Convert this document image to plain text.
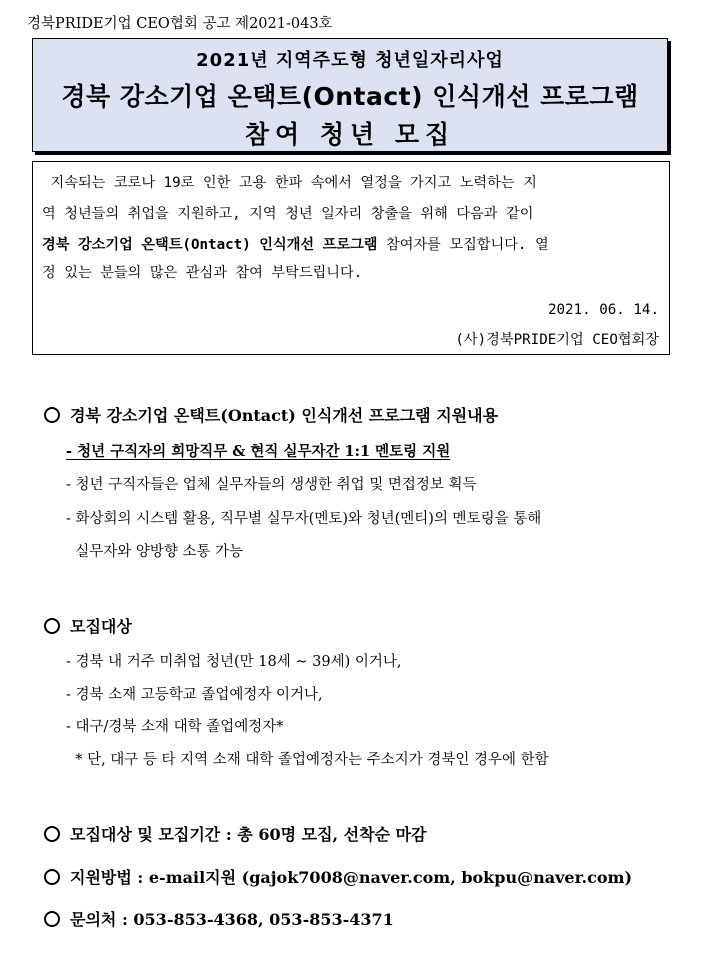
경북PRIDE기업 CEO협회 공고 제2021-043호
2021년 지역주도형 청년일자리사업
경북 강소기업 온택트(Ontact) 인식개선 프로그램
참여 청년 모집
지속되는 코로나 19로 인한 고용 한파 속에서 열정을 가지고 노력하는 지
역 청년들의 취업을 지원하고, 지역 청년 일자리 창출을 위해 다음과 같이
경북 강소기업 온택트(Ontact) 인식개선 프로그램 참여자를 모집합니다. 열
정 있는 분들의 많은 관심과 참여 부탁드립니다.
2021. 06. 14.
(사)경북PRIDE기업 CEO협회장
경북 강소기업 온택트(Ontact) 인식개선 프로그램 지원내용
- 청년 구직자의 희망직무 & 현직 실무자간 1:1 멘토링 지원
- 청년 구직자들은 업체 실무자들의 생생한 취업 및 면접정보 획득
- 화상회의 시스템 활용, 직무별 실무자(멘토)와 청년(멘티)의 멘토링을 통해
실무자와 양방향 소통 가능
모집대상
- 경북 내 거주 미취업 청년(만 18세 ~ 39세) 이거나,
- 경북 소재 고등학교 졸업예정자 이거나,
- 대구/경북 소재 대학 졸업예정자*
* 단, 대구 등 타 지역 소재 대학 졸업예정자는 주소지가 경북인 경우에 한함
모집대상 및 모집기간 : 총 60명 모집, 선착순 마감
지원방법 : e-mail지원 (gajok7008@naver.com, bokpu@naver.com)
문의처 : 053-853-4368, 053-853-4371
